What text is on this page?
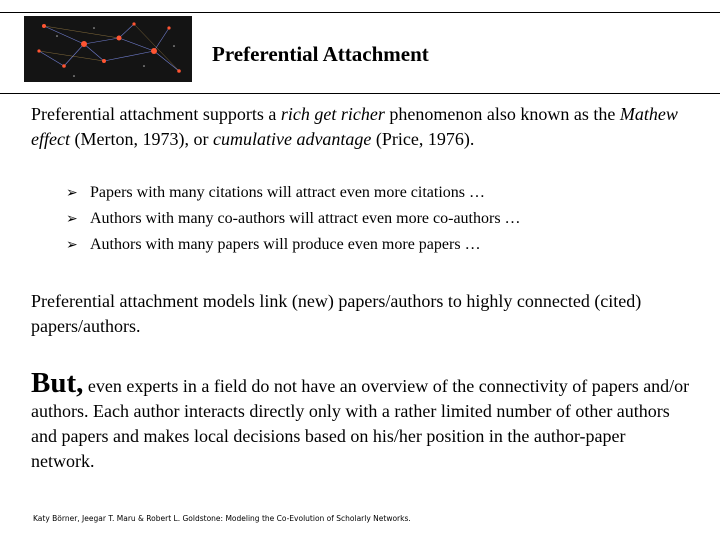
Preferential Attachment

Preferential attachment supports a rich get richer phenomenon also known as the Mathew effect (Merton, 1973), or cumulative advantage (Price, 1976).

➢ Papers with many citations will attract even more citations …
➢ Authors with many co-authors will attract even more co-authors …
➢ Authors with many papers will produce even more papers …

Preferential attachment models link (new) papers/authors to highly connected (cited) papers/authors.

But, even experts in a field do not have an overview of the connectivity of papers and/or authors. Each author interacts directly only with a rather limited number of other authors and papers and makes local decisions based on his/her position in the author-paper network.

Katy Börner, Jeegar T. Maru & Robert L. Goldstone: Modeling the Co-Evolution of Scholarly Networks.
